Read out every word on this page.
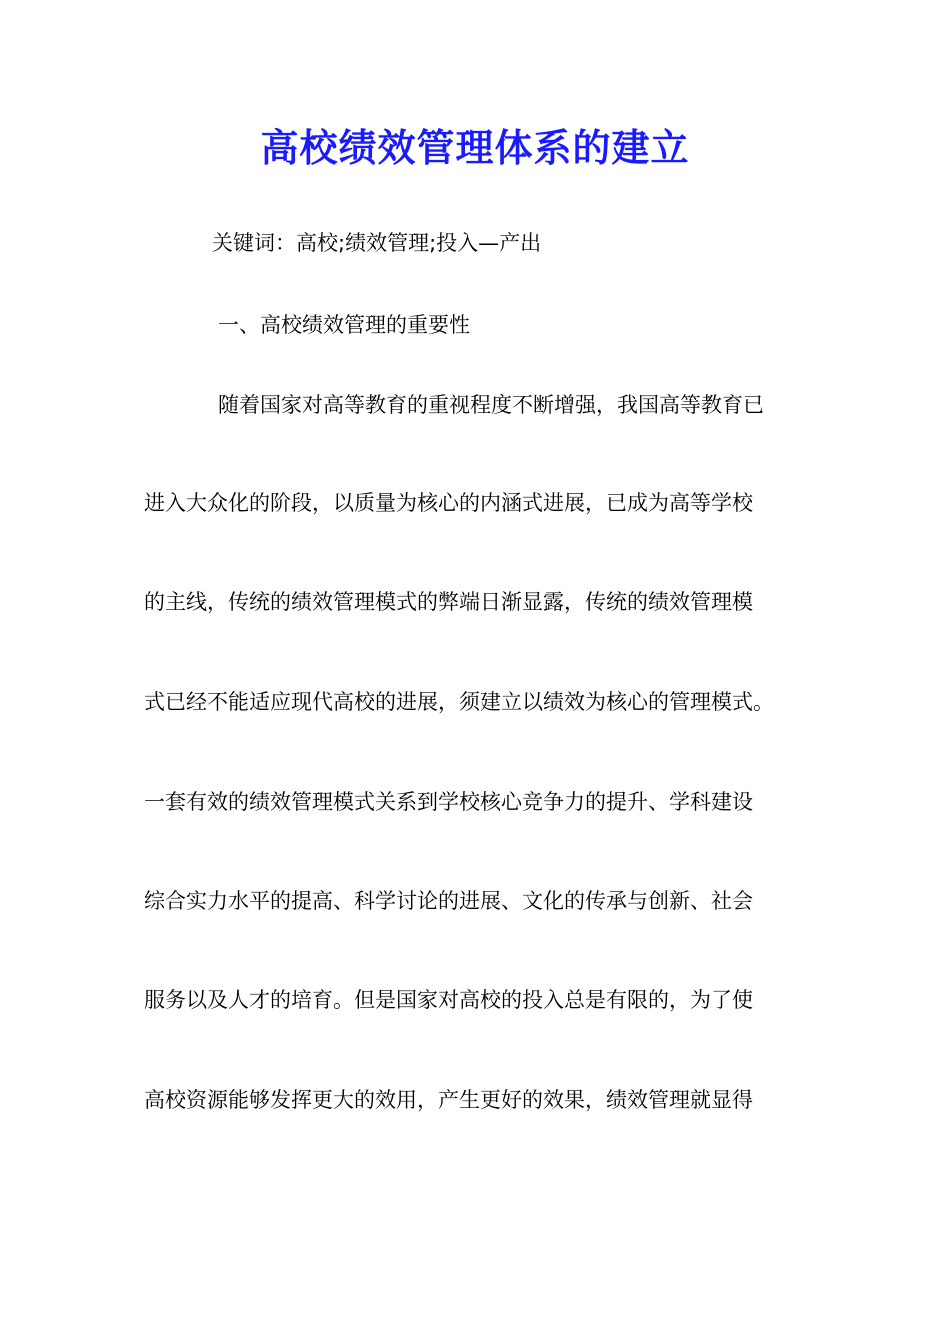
高校绩效管理体系的建立
关键词：高校;绩效管理;投入—产出
一、高校绩效管理的重要性
随着国家对高等教育的重视程度不断增强，我国高等教育已
进入大众化的阶段，以质量为核心的内涵式进展，已成为高等学校
的主线，传统的绩效管理模式的弊端日渐显露，传统的绩效管理模
式已经不能适应现代高校的进展，须建立以绩效为核心的管理模式。
一套有效的绩效管理模式关系到学校核心竞争力的提升、学科建设
综合实力水平的提高、科学讨论的进展、文化的传承与创新、社会
服务以及人才的培育。但是国家对高校的投入总是有限的，为了使
高校资源能够发挥更大的效用，产生更好的效果，绩效管理就显得
